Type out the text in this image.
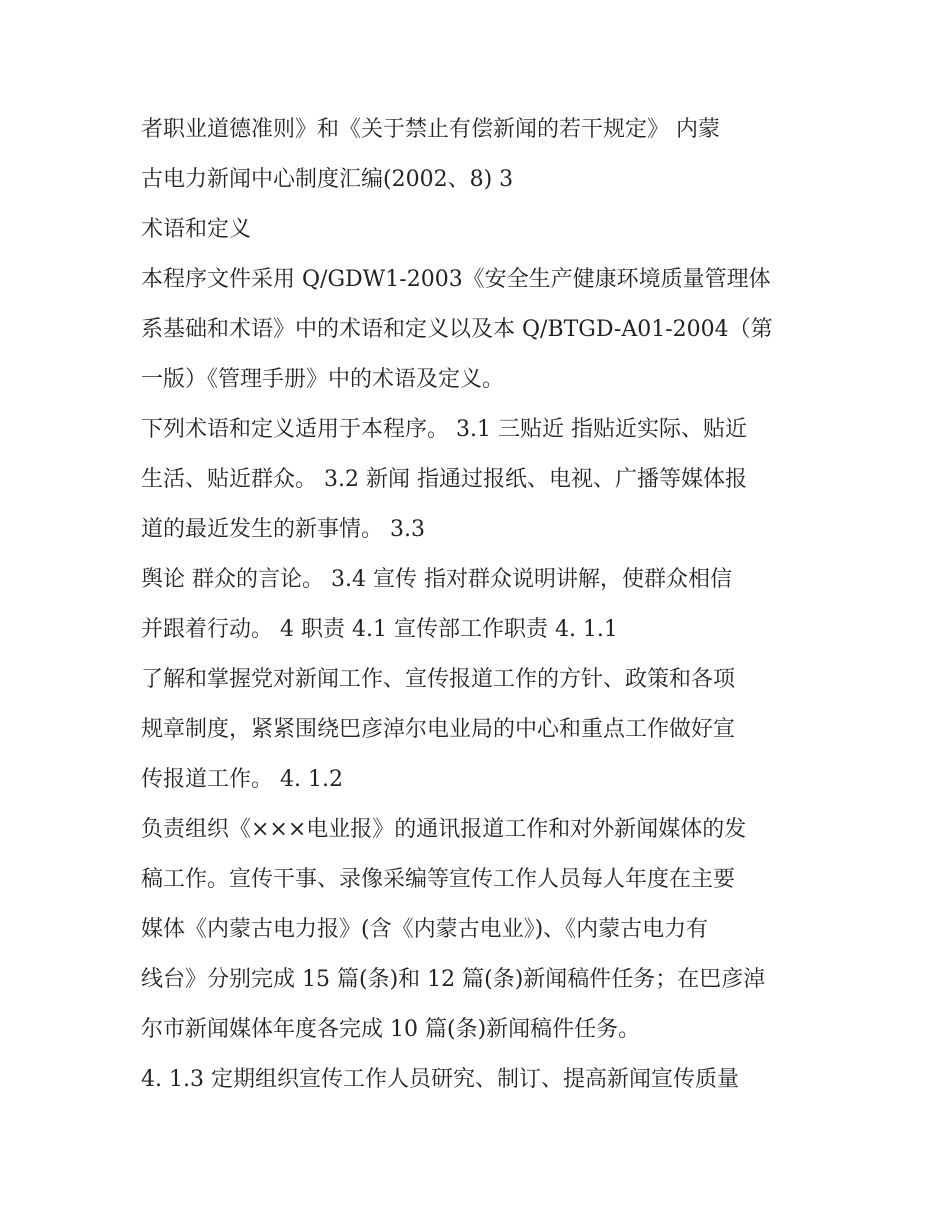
者职业道德准则》和《关于禁止有偿新闻的若干规定》 内蒙
古电力新闻中心制度汇编(2002、8) 3
术语和定义
本程序文件采用 Q/GDW1-2003《安全生产健康环境质量管理体
系基础和术语》中的术语和定义以及本 Q/BTGD-A01-2004（第
一版）《管理手册》中的术语及定义。
下列术语和定义适用于本程序。 3.1 三贴近 指贴近实际、贴近
生活、贴近群众。 3.2 新闻 指通过报纸、电视、广播等媒体报
道的最近发生的新事情。 3.3
舆论 群众的言论。 3.4 宣传 指对群众说明讲解，使群众相信
并跟着行动。 4 职责 4.1 宣传部工作职责 4. 1.1
了解和掌握党对新闻工作、宣传报道工作的方针、政策和各项
规章制度，紧紧围绕巴彦淖尔电业局的中心和重点工作做好宣
传报道工作。 4. 1.2
负责组织《×××电业报》的通讯报道工作和对外新闻媒体的发
稿工作。宣传干事、录像采编等宣传工作人员每人年度在主要
媒体《内蒙古电力报》(含《内蒙古电业》)、《内蒙古电力有
线台》分别完成 15 篇(条)和 12 篇(条)新闻稿件任务；在巴彦淖
尔市新闻媒体年度各完成 10 篇(条)新闻稿件任务。
4. 1.3 定期组织宣传工作人员研究、制订、提高新闻宣传质量
